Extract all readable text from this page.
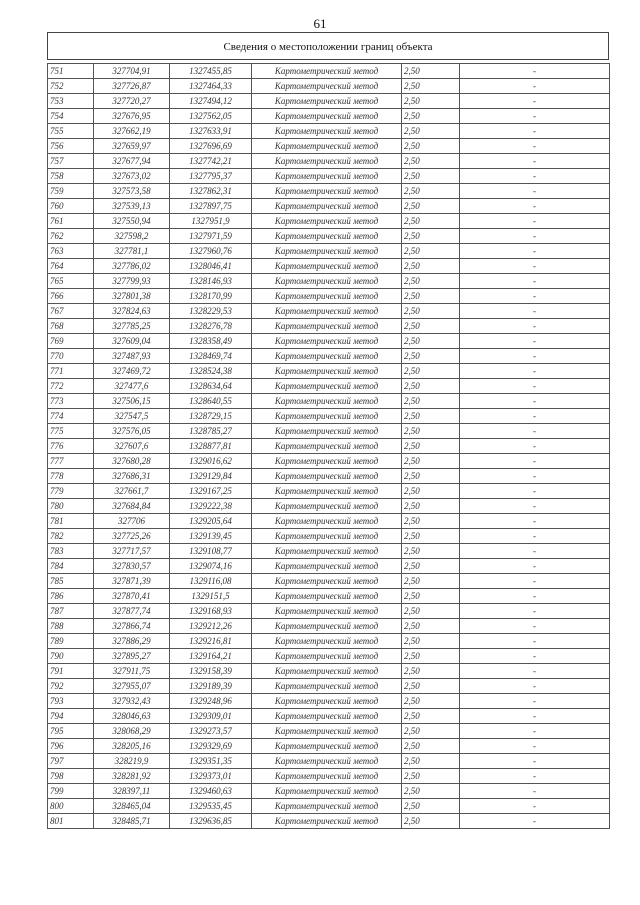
61
Сведения о местоположении границ объекта
751	327704,91	1327455,85	Картометрический метод	2,50	-
752	327726,87	1327464,33	Картометрический метод	2,50	-
753	327720,27	1327494,12	Картометрический метод	2,50	-
754	327676,95	1327562,05	Картометрический метод	2,50	-
755	327662,19	1327633,91	Картометрический метод	2,50	-
756	327659,97	1327696,69	Картометрический метод	2,50	-
757	327677,94	1327742,21	Картометрический метод	2,50	-
758	327673,02	1327795,37	Картометрический метод	2,50	-
759	327573,58	1327862,31	Картометрический метод	2,50	-
760	327539,13	1327897,75	Картометрический метод	2,50	-
761	327550,94	1327951,9	Картометрический метод	2,50	-
762	327598,2	1327971,59	Картометрический метод	2,50	-
763	327781,1	1327960,76	Картометрический метод	2,50	-
764	327786,02	1328046,41	Картометрический метод	2,50	-
765	327799,93	1328146,93	Картометрический метод	2,50	-
766	327801,38	1328170,99	Картометрический метод	2,50	-
767	327824,63	1328229,53	Картометрический метод	2,50	-
768	327785,25	1328276,78	Картометрический метод	2,50	-
769	327609,04	1328358,49	Картометрический метод	2,50	-
770	327487,93	1328469,74	Картометрический метод	2,50	-
771	327469,72	1328524,38	Картометрический метод	2,50	-
772	327477,6	1328634,64	Картометрический метод	2,50	-
773	327506,15	1328640,55	Картометрический метод	2,50	-
774	327547,5	1328729,15	Картометрический метод	2,50	-
775	327576,05	1328785,27	Картометрический метод	2,50	-
776	327607,6	1328877,81	Картометрический метод	2,50	-
777	327680,28	1329016,62	Картометрический метод	2,50	-
778	327686,31	1329129,84	Картометрический метод	2,50	-
779	327661,7	1329167,25	Картометрический метод	2,50	-
780	327684,84	1329222,38	Картометрический метод	2,50	-
781	327706	1329205,64	Картометрический метод	2,50	-
782	327725,26	1329139,45	Картометрический метод	2,50	-
783	327717,57	1329108,77	Картометрический метод	2,50	-
784	327830,57	1329074,16	Картометрический метод	2,50	-
785	327871,39	1329116,08	Картометрический метод	2,50	-
786	327870,41	1329151,5	Картометрический метод	2,50	-
787	327877,74	1329168,93	Картометрический метод	2,50	-
788	327866,74	1329212,26	Картометрический метод	2,50	-
789	327886,29	1329216,81	Картометрический метод	2,50	-
790	327895,27	1329164,21	Картометрический метод	2,50	-
791	327911,75	1329158,39	Картометрический метод	2,50	-
792	327955,07	1329189,39	Картометрический метод	2,50	-
793	327932,43	1329248,96	Картометрический метод	2,50	-
794	328046,63	1329309,01	Картометрический метод	2,50	-
795	328068,29	1329273,57	Картометрический метод	2,50	-
796	328205,16	1329329,69	Картометрический метод	2,50	-
797	328219,9	1329351,35	Картометрический метод	2,50	-
798	328281,92	1329373,01	Картометрический метод	2,50	-
799	328397,11	1329460,63	Картометрический метод	2,50	-
800	328465,04	1329535,45	Картометрический метод	2,50	-
801	328485,71	1329636,85	Картометрический метод	2,50	-
